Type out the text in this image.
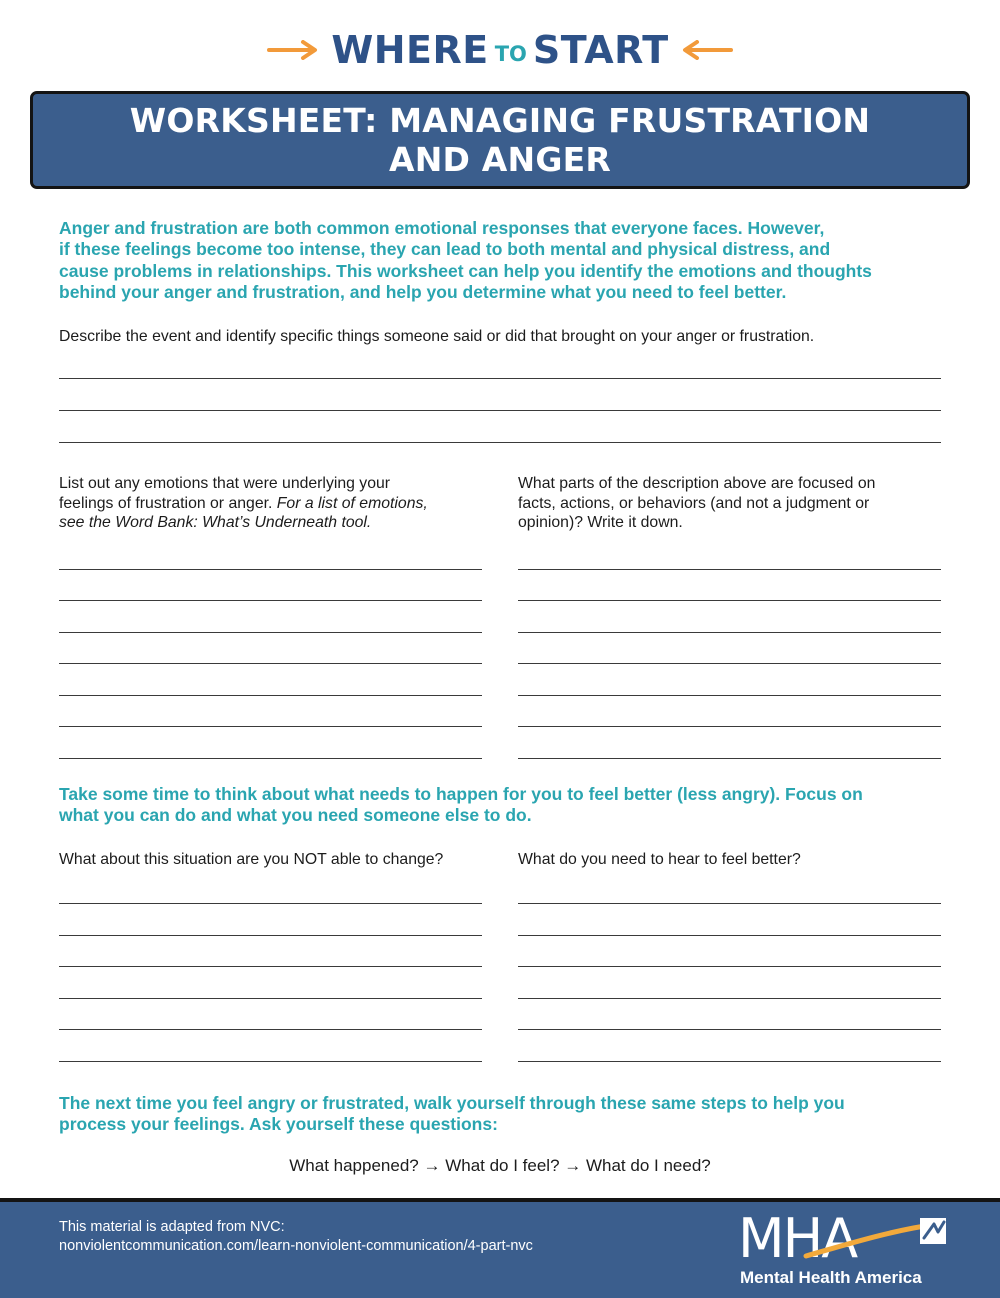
WHERE TO START
WORKSHEET: MANAGING FRUSTRATION
AND ANGER
Anger and frustration are both common emotional responses that everyone faces. However,
if these feelings become too intense, they can lead to both mental and physical distress, and
cause problems in relationships. This worksheet can help you identify the emotions and thoughts
behind your anger and frustration, and help you determine what you need to feel better.
Describe the event and identify specific things someone said or did that brought on your anger or frustration.
List out any emotions that were underlying your
feelings of frustration or anger. For a list of emotions,
see the Word Bank: What’s Underneath tool.
What parts of the description above are focused on
facts, actions, or behaviors (and not a judgment or
opinion)? Write it down.
Take some time to think about what needs to happen for you to feel better (less angry). Focus on
what you can do and what you need someone else to do.
What about this situation are you NOT able to change?	What do you need to hear to feel better?
The next time you feel angry or frustrated, walk yourself through these same steps to help you
process your feelings. Ask yourself these questions:
What happened? → What do I feel? → What do I need?
This material is adapted from NVC:
nonviolentcommunication.com/learn-nonviolent-communication/4-part-nvc	MHA
Mental Health America
